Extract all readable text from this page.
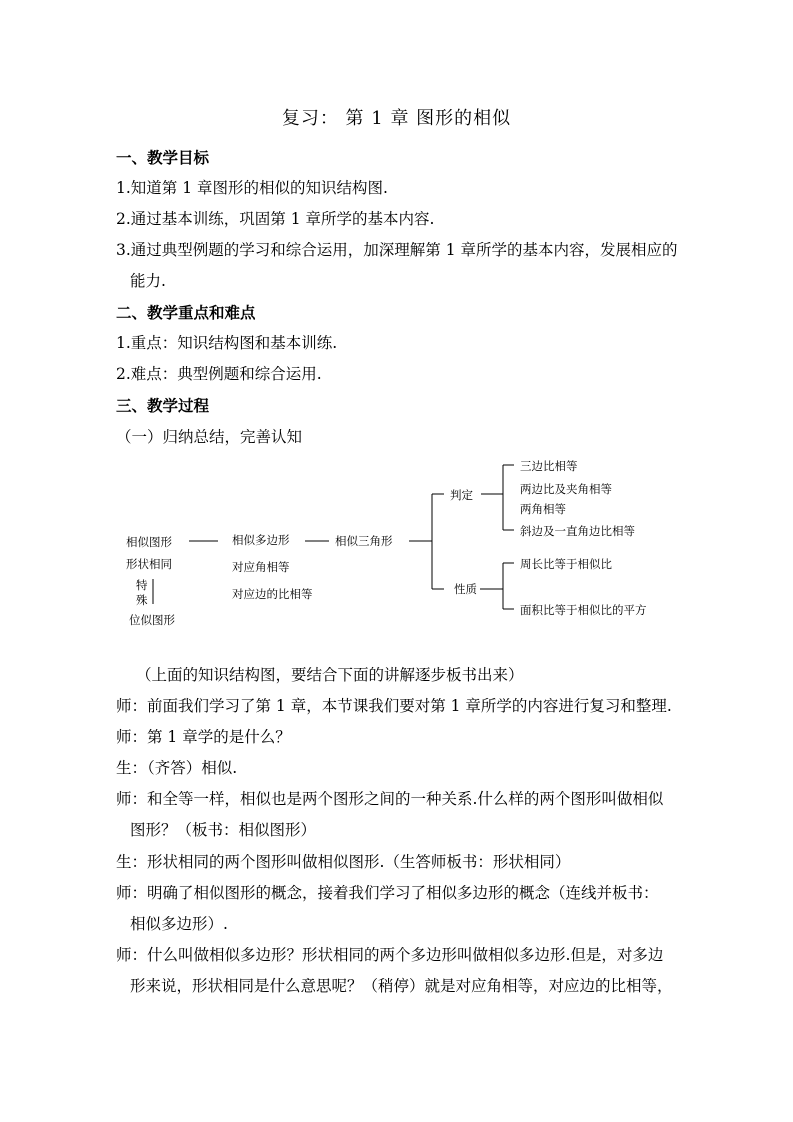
复习： 第 1 章 图形的相似
一、教学目标
1.知道第 1 章图形的相似的知识结构图.
2.通过基本训练，巩固第 1 章所学的基本内容.
3.通过典型例题的学习和综合运用，加深理解第 1 章所学的基本内容，发展相应的
能力.
二、教学重点和难点
1.重点：知识结构图和基本训练.
2.难点：典型例题和综合运用.
三、教学过程
（一）归纳总结，完善认知
相似图形
形状相同
特
殊
位似图形
相似多边形
对应角相等
对应边的比相等
相似三角形
判定
性质
三边比相等
两边比及夹角相等
两角相等
斜边及一直角边比相等
周长比等于相似比
面积比等于相似比的平方
（上面的知识结构图，要结合下面的讲解逐步板书出来）
师：前面我们学习了第 1 章，本节课我们要对第 1 章所学的内容进行复习和整理.
师：第 1 章学的是什么？
生：（齐答）相似.
师：和全等一样，相似也是两个图形之间的一种关系.什么样的两个图形叫做相似
图形？（板书：相似图形）
生：形状相同的两个图形叫做相似图形.（生答师板书：形状相同）
师：明确了相似图形的概念，接着我们学习了相似多边形的概念（连线并板书：
相似多边形）.
师：什么叫做相似多边形？形状相同的两个多边形叫做相似多边形.但是，对多边
形来说，形状相同是什么意思呢？（稍停）就是对应角相等，对应边的比相等，
